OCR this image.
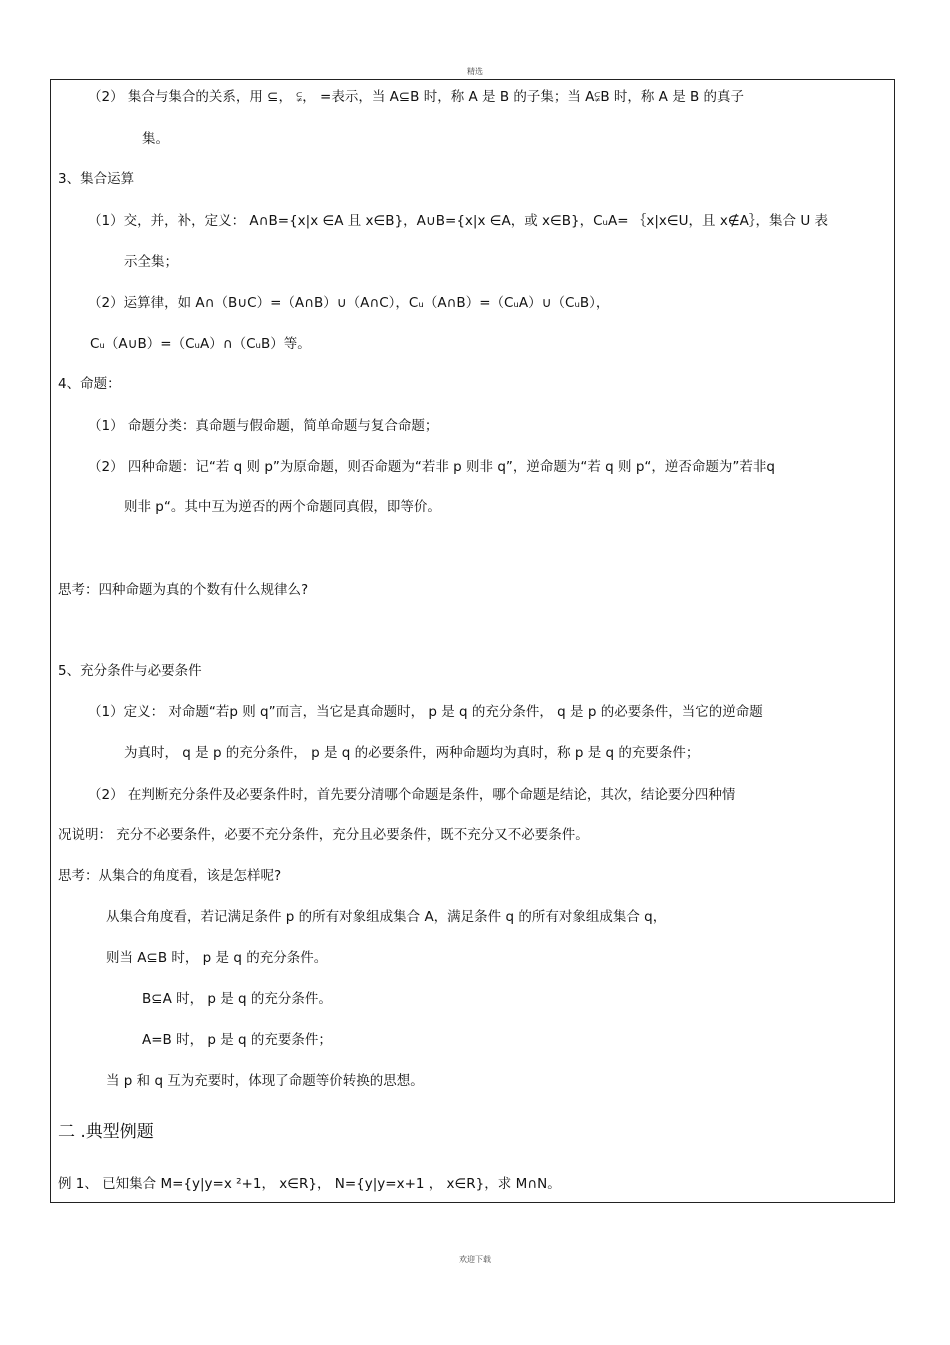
精选
（2） 集合与集合的关系，用 ⊆， ⫋， =表示，当 A⊆B 时，称 A 是 B 的子集；当 A⫋B 时，称 A 是 B 的真子
集。
3、集合运算
（1）交，并，补，定义： A∩B={x|x ∈A 且 x∈B}，A∪B={x|x ∈A，或 x∈B}，CᵤA= ｛x|x∈U，且 x∉A｝，集合 U 表
示全集；
（2）运算律，如 A∩（B∪C）=（A∩B）∪（A∩C），Cᵤ（A∩B）=（CᵤA）∪（CᵤB），
Cᵤ（A∪B）=（CᵤA）∩（CᵤB）等。
4、命题：
（1） 命题分类：真命题与假命题，简单命题与复合命题；
（2） 四种命题：记“若 q 则 p”为原命题，则否命题为“若非 p 则非 q”，逆命题为“若 q 则 p“，逆否命题为”若非q
则非 p“。其中互为逆否的两个命题同真假，即等价。
思考：四种命题为真的个数有什么规律么?
5、充分条件与必要条件
（1）定义： 对命题“若p 则 q”而言，当它是真命题时， p 是 q 的充分条件， q 是 p 的必要条件，当它的逆命题
为真时， q 是 p 的充分条件， p 是 q 的必要条件，两种命题均为真时，称 p 是 q 的充要条件；
（2） 在判断充分条件及必要条件时，首先要分清哪个命题是条件，哪个命题是结论，其次，结论要分四种情
况说明： 充分不必要条件，必要不充分条件，充分且必要条件，既不充分又不必要条件。
思考：从集合的角度看，该是怎样呢?
从集合角度看，若记满足条件 p 的所有对象组成集合 A，满足条件 q 的所有对象组成集合 q，
则当 A⊆B 时， p 是 q 的充分条件。
B⊆A 时， p 是 q 的充分条件。
A=B 时， p 是 q 的充要条件；
当 p 和 q 互为充要时，体现了命题等价转换的思想。
二 .典型例题
例 1、 已知集合 M={y|y=x ²+1， x∈R}， N={y|y=x+1 ， x∈R}，求 M∩N。
欢迎下载
